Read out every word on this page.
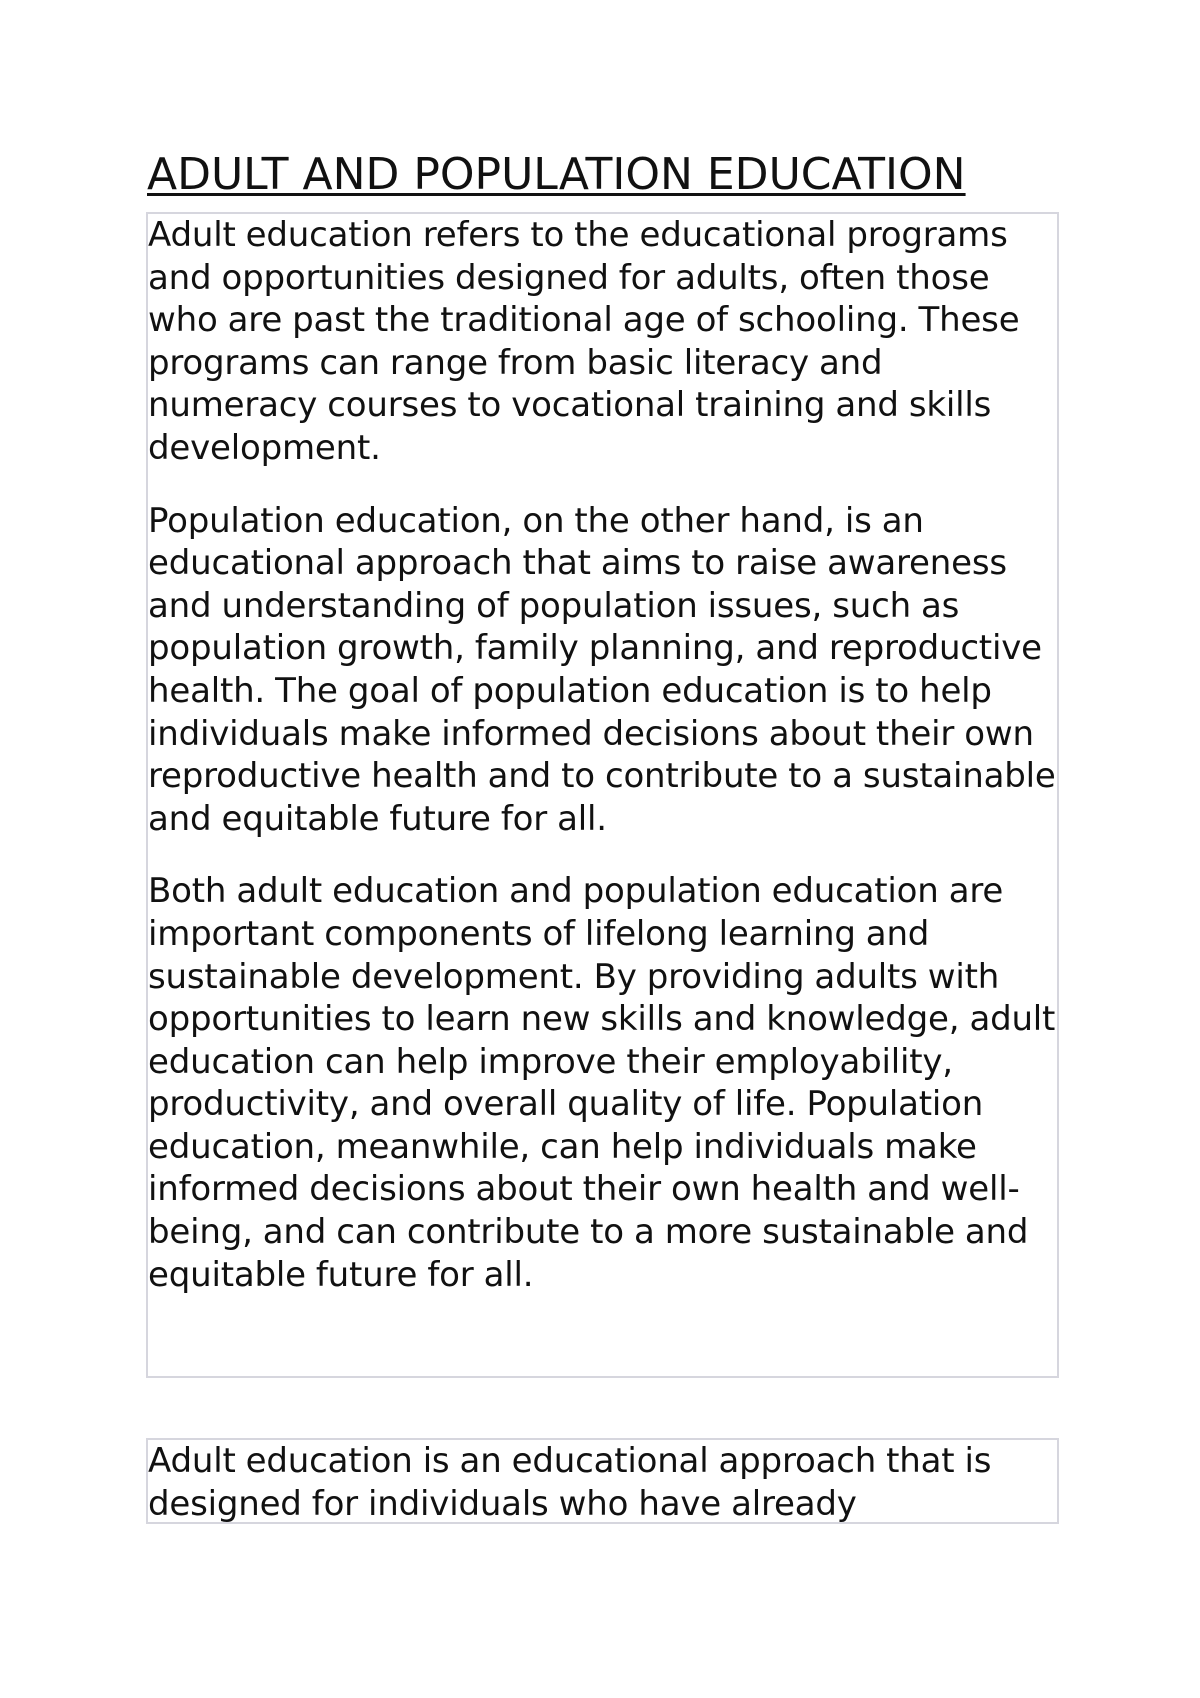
ADULT AND POPULATION EDUCATION

Adult education refers to the educational programs and opportunities designed for adults, often those who are past the traditional age of schooling. These programs can range from basic literacy and numeracy courses to vocational training and skills development.

Population education, on the other hand, is an educational approach that aims to raise awareness and understanding of population issues, such as population growth, family planning, and reproductive health. The goal of population education is to help individuals make informed decisions about their own reproductive health and to contribute to a sustainable and equitable future for all.

Both adult education and population education are important components of lifelong learning and sustainable development. By providing adults with opportunities to learn new skills and knowledge, adult education can help improve their employability, productivity, and overall quality of life. Population education, meanwhile, can help individuals make informed decisions about their own health and well-being, and can contribute to a more sustainable and equitable future for all.

Adult education is an educational approach that is designed for individuals who have already
